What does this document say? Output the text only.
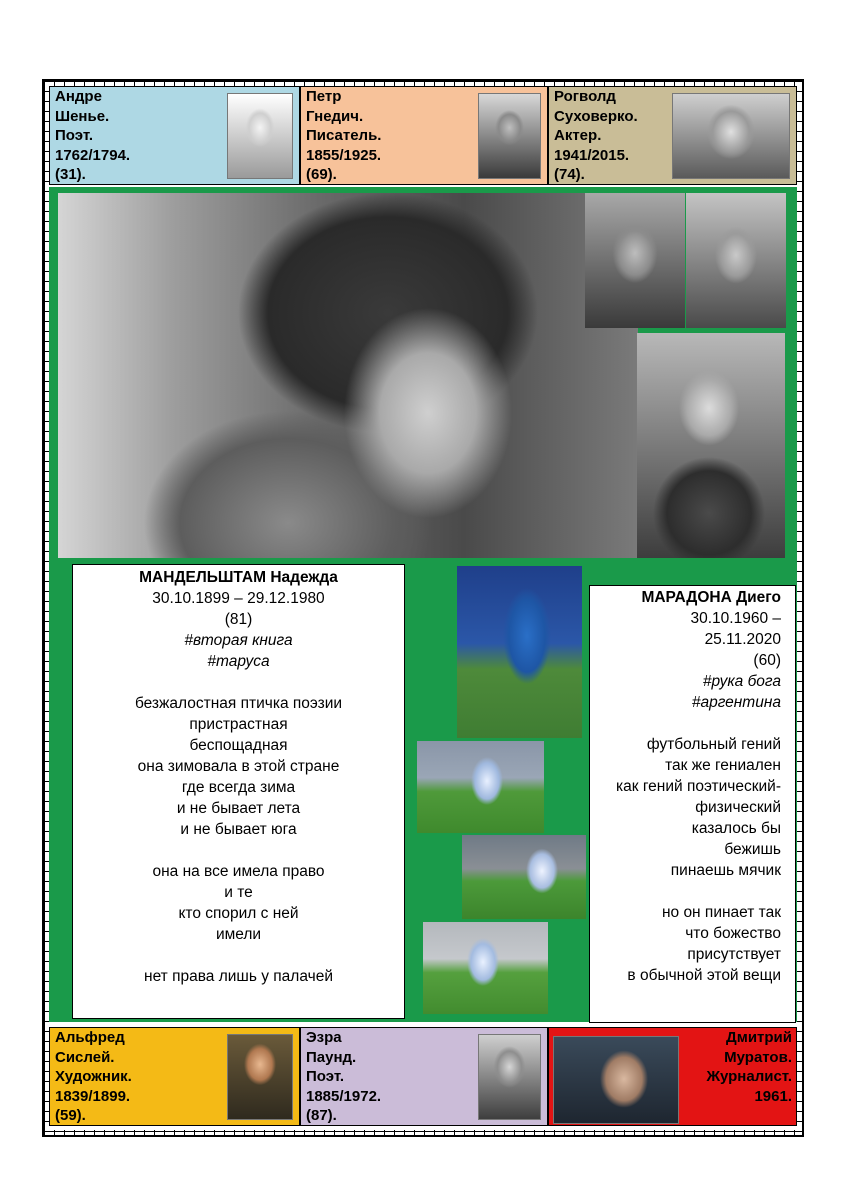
Андре
Шенье.
Поэт.
1762/1794.
(31).
Петр
Гнедич.
Писатель.
1855/1925.
(69).
Рогволд
Суховерко.
Актер.
1941/2015.
(74).
МАНДЕЛЬШТАМ Надежда
30.10.1899 – 29.12.1980
(81)
#вторая книга
#таруса
безжалостная птичка поэзии
пристрастная
беспощадная
она зимовала в этой стране
где всегда зима
и не бывает лета
и не бывает юга
она на все имела право
и те
кто спорил с ней
имели
нет права лишь у палачей
МАРАДОНА Диего
30.10.1960 –
25.11.2020
(60)
#рука бога
#аргентина
футбольный гений
так же гениален
как гений поэтический-
физический
казалось бы
бежишь
пинаешь мячик
но он пинает так
что божество
присутствует
в обычной этой вещи
Альфред
Сислей.
Художник.
1839/1899.
(59).
Эзра
Паунд.
Поэт.
1885/1972.
(87).
Дмитрий
Муратов.
Журналист.
1961.
